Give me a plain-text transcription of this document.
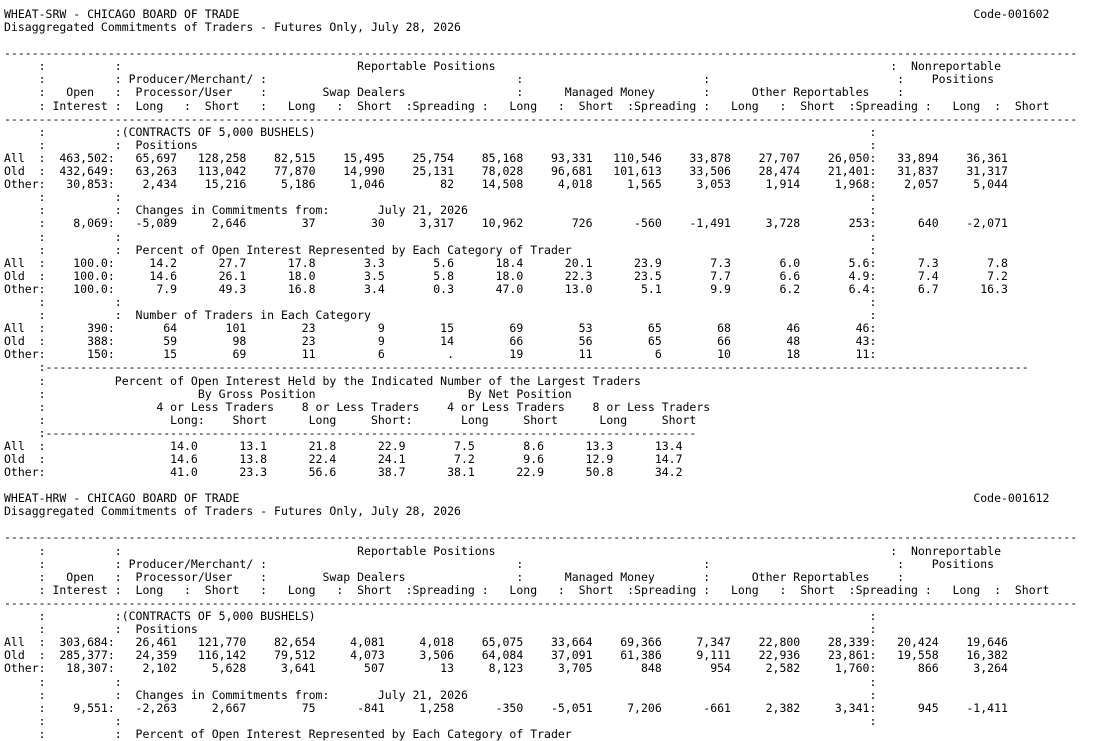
WHEAT-SRW - CHICAGO BOARD OF TRADE	Code-001602
Disaggregated Commitments of Traders - Futures Only, July 28, 2026
-----------------------------------------------------------------------------------------------------------------------------------------------------------
:          :                                  Reportable Positions                                                         :  Nonreportable
:          : Producer/Merchant/ :                                    :                          :                           :    Positions
:   Open   :  Processor/User    :        Swap Dealers                :      Managed Money       :      Other Reportables    :
: Interest :  Long   :  Short   :   Long   :  Short  :Spreading :   Long   :  Short  :Spreading :   Long   :  Short  :Spreading :   Long  :  Short
-----------------------------------------------------------------------------------------------------------------------------------------------------------
:          :(CONTRACTS OF 5,000 BUSHELS)                                                                                :
:          :  Positions                                                                                                 :
All  :  463,502:   65,697   128,258    82,515    15,495    25,754    85,168    93,331   110,546    33,878    27,707    26,050:   33,894    36,361
Old  :  432,649:   63,263   113,042    77,870    14,990    25,131    78,028    96,681   101,613    33,506    28,474    21,401:   31,837    31,317
Other:   30,853:    2,434    15,216     5,186     1,046        82    14,508     4,018     1,565     3,053     1,914     1,968:    2,057     5,044
:          :                                                                                                            :
:          :  Changes in Commitments from:       July 21, 2026                                                          :
:    8,069:   -5,089     2,646        37        30     3,317    10,962       726      -560    -1,491     3,728       253:      640    -2,071
:          :                                                                                                            :
:          :  Percent of Open Interest Represented by Each Category of Trader                                           :
All  :    100.0:     14.2      27.7      17.8       3.3       5.6      18.4      20.1      23.9       7.3       6.0       5.6:      7.3       7.8
Old  :    100.0:     14.6      26.1      18.0       3.5       5.8      18.0      22.3      23.5       7.7       6.6       4.9:      7.4       7.2
Other:    100.0:      7.9      49.3      16.8       3.4       0.3      47.0      13.0       5.1       9.9       6.2       6.4:      6.7      16.3
:          :                                                                                                            :
:          :  Number of Traders in Each Category                                                                        :
All  :      390:       64       101        23         9        15        69        53        65        68        46        46:
Old  :      388:       59        98        23         9        14        66        56        65        66        48        43:
Other:      150:       15        69        11         6         .        19        11         6        10        18        11:
:----------------------------------------------------------------------------------------------------------------------------------------------
:          Percent of Open Interest Held by the Indicated Number of the Largest Traders
:                      By Gross Position                      By Net Position
:                4 or Less Traders    8 or Less Traders    4 or Less Traders    8 or Less Traders
:                  Long:    Short      Long     Short:       Long     Short      Long     Short
:----------------------------------------------------------------------------------------------
All  :                  14.0      13.1      21.8      22.9       7.5       8.6      13.3      13.4
Old  :                  14.6      13.8      22.4      24.1       7.2       9.6      12.9      14.7
Other:                  41.0      23.3      56.6      38.7      38.1      22.9      50.8      34.2
WHEAT-HRW - CHICAGO BOARD OF TRADE	Code-001612
Disaggregated Commitments of Traders - Futures Only, July 28, 2026
-----------------------------------------------------------------------------------------------------------------------------------------------------------
:          :                                  Reportable Positions                                                         :  Nonreportable
:          : Producer/Merchant/ :                                    :                          :                           :    Positions
:   Open   :  Processor/User    :        Swap Dealers                :      Managed Money       :      Other Reportables    :
: Interest :  Long   :  Short   :   Long   :  Short  :Spreading :   Long   :  Short  :Spreading :   Long   :  Short  :Spreading :   Long  :  Short
-----------------------------------------------------------------------------------------------------------------------------------------------------------
:          :(CONTRACTS OF 5,000 BUSHELS)                                                                                :
:          :  Positions                                                                                                 :
All  :  303,684:   26,461   121,770    82,654     4,081     4,018    65,075    33,664    69,366     7,347    22,800    28,339:   20,424    19,646
Old  :  285,377:   24,359   116,142    79,512     4,073     3,506    64,084    37,091    61,386     9,111    22,936    23,861:   19,558    16,382
Other:   18,307:    2,102     5,628     3,641       507        13     8,123     3,705       848       954     2,582     1,760:      866     3,264
:          :                                                                                                            :
:          :  Changes in Commitments from:       July 21, 2026                                                          :
:    9,551:   -2,263     2,667        75      -841     1,258      -350    -5,051     7,206      -661     2,382     3,341:      945    -1,411
:          :                                                                                                            :
:          :  Percent of Open Interest Represented by Each Category of Trader
